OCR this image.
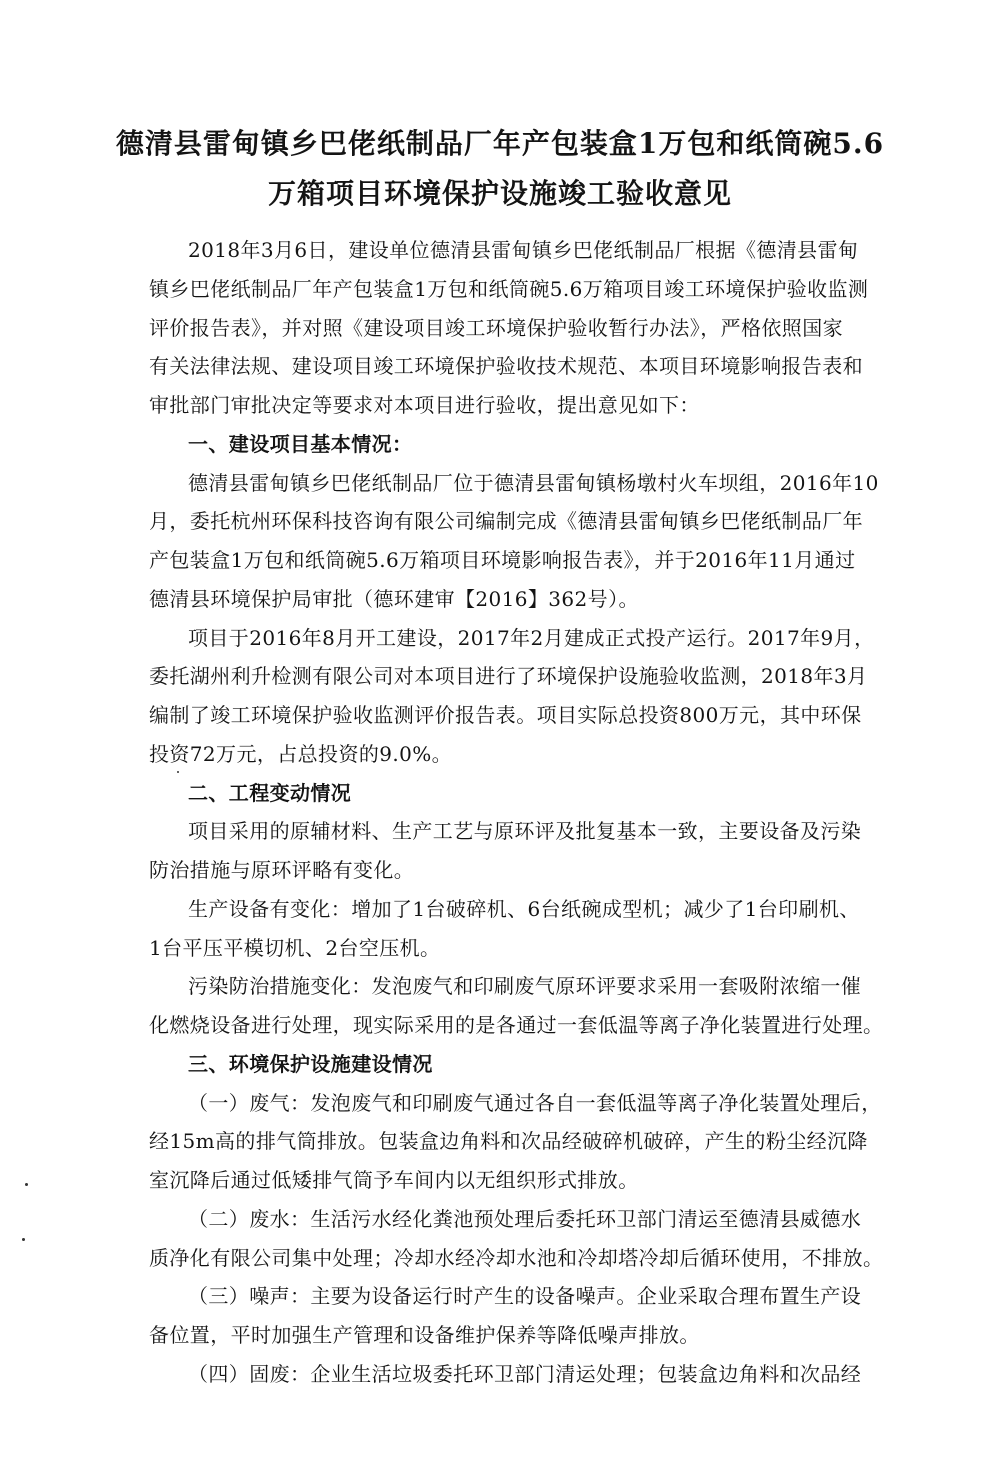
德清县雷甸镇乡巴佬纸制品厂年产包装盒1万包和纸筒碗5.6
万箱项目环境保护设施竣工验收意见
2018年3月6日，建设单位德清县雷甸镇乡巴佬纸制品厂根据《德清县雷甸
镇乡巴佬纸制品厂年产包装盒1万包和纸筒碗5.6万箱项目竣工环境保护验收监测
评价报告表》，并对照《建设项目竣工环境保护验收暂行办法》，严格依照国家
有关法律法规、建设项目竣工环境保护验收技术规范、本项目环境影响报告表和
审批部门审批决定等要求对本项目进行验收，提出意见如下：
一、建设项目基本情况：
德清县雷甸镇乡巴佬纸制品厂位于德清县雷甸镇杨墩村火车坝组，2016年10
月，委托杭州环保科技咨询有限公司编制完成《德清县雷甸镇乡巴佬纸制品厂年
产包装盒1万包和纸筒碗5.6万箱项目环境影响报告表》，并于2016年11月通过
德清县环境保护局审批（德环建审【2016】362号）。
项目于2016年8月开工建设，2017年2月建成正式投产运行。2017年9月，
委托湖州利升检测有限公司对本项目进行了环境保护设施验收监测，2018年3月
编制了竣工环境保护验收监测评价报告表。项目实际总投资800万元，其中环保
投资72万元，占总投资的9.0%。
二、工程变动情况
项目采用的原辅材料、生产工艺与原环评及批复基本一致，主要设备及污染
防治措施与原环评略有变化。
生产设备有变化：增加了1台破碎机、6台纸碗成型机；减少了1台印刷机、
1台平压平模切机、2台空压机。
污染防治措施变化：发泡废气和印刷废气原环评要求采用一套吸附浓缩一催
化燃烧设备进行处理，现实际采用的是各通过一套低温等离子净化装置进行处理。
三、环境保护设施建设情况
（一）废气：发泡废气和印刷废气通过各自一套低温等离子净化装置处理后，
经15m高的排气筒排放。包装盒边角料和次品经破碎机破碎，产生的粉尘经沉降
室沉降后通过低矮排气筒予车间内以无组织形式排放。
（二）废水：生活污水经化粪池预处理后委托环卫部门清运至德清县威德水
质净化有限公司集中处理；冷却水经冷却水池和冷却塔冷却后循环使用，不排放。
（三）噪声：主要为设备运行时产生的设备噪声。企业采取合理布置生产设
备位置，平时加强生产管理和设备维护保养等降低噪声排放。
（四）固废：企业生活垃圾委托环卫部门清运处理；包装盒边角料和次品经
